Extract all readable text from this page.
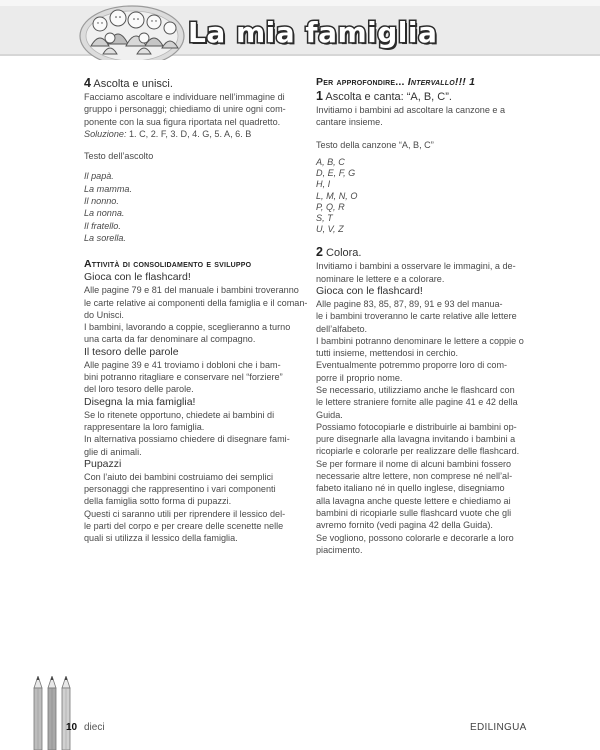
La mia famiglia
4 Ascolta e unisci.

Facciamo ascoltare e individuare nell’immagine di

gruppo i personaggi; chiediamo di unire ogni com-

ponente con la sua figura riportata nel quadretto.

Soluzione: 1. C, 2. F, 3. D, 4. G, 5. A, 6. B

Testo dell’ascolto

Il papà.

La mamma.

Il nonno.

La nonna.

Il fratello.

La sorella.

Attività di consolidamento e sviluppo
Gioca con le flashcard!

Alle pagine 79 e 81 del manuale i bambini troveranno

le carte relative ai componenti della famiglia e il coman-

do Unisci.

I bambini, lavorando a coppie, sceglieranno a turno

una carta da far denominare al compagno.

Il tesoro delle parole

Alle pagine 39 e 41 troviamo i dobloni che i bam-

bini potranno ritagliare e conservare nel “forziere”

del loro tesoro delle parole.

Disegna la mia famiglia!

Se lo ritenete opportuno, chiedete ai bambini di

rappresentare la loro famiglia.

In alternativa possiamo chiedere di disegnare fami-

glie di animali.

Pupazzi

Con l’aiuto dei bambini costruiamo dei semplici

personaggi che rappresentino i vari componenti

della famiglia sotto forma di pupazzi.

Questi ci saranno utili per riprendere il lessico del-

le parti del corpo e per creare delle scenette nelle

quali si utilizza il lessico della famiglia.

Per approfondire... Intervallo!!! 1
1 Ascolta e canta: “A, B, C”.

Invitiamo i bambini ad ascoltare la canzone e a

cantare insieme.

Testo della canzone “A, B, C”

A, B, C

D, E, F, G

H, I

L, M, N, O

P, Q, R

S, T

U, V, Z

2 Colora.

Invitiamo i bambini a osservare le immagini, a de-

nominare le lettere e a colorare.

Gioca con le flashcard!

Alle pagine 83, 85, 87, 89, 91 e 93 del manua-

le i bambini troveranno le carte relative alle lettere

dell’alfabeto.

I bambini potranno denominare le lettere a coppie o

tutti insieme, mettendosi in cerchio.

Eventualmente potremmo proporre loro di com-

porre il proprio nome.

Se necessario, utilizziamo anche le flashcard con

le lettere straniere fornite alle pagine 41 e 42 della

Guida.

Possiamo fotocopiarle e distribuirle ai bambini op-

pure disegnarle alla lavagna invitando i bambini a

ricopiarle e colorarle per realizzare delle flashcard.

Se per formare il nome di alcuni bambini fossero

necessarie altre lettere, non comprese né nell’al-

fabeto italiano né in quello inglese, disegniamo

alla lavagna anche queste lettere e chiediamo ai

bambini di ricopiarle sulle flashcard vuote che gli

avremo fornito (vedi pagina 42 della Guida).

Se vogliono, possono colorarle e decorarle a loro

piacimento.

10 dieci	EDILINGUA
